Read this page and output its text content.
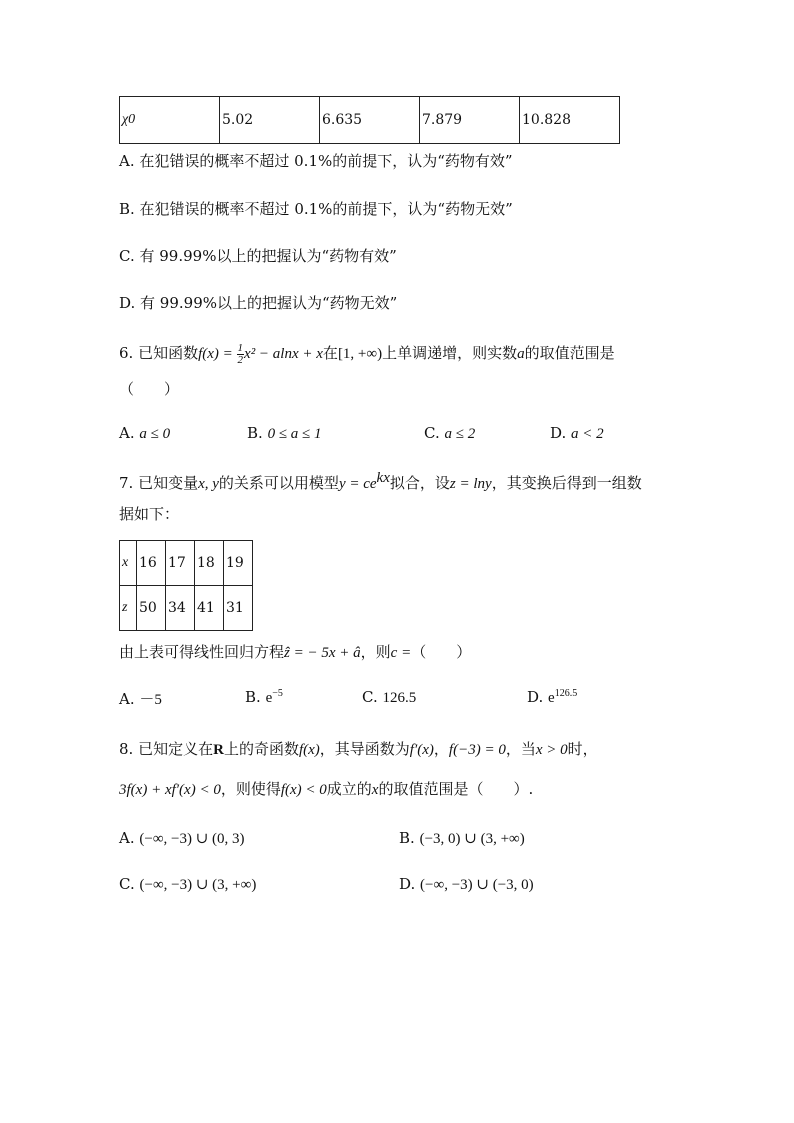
χ0	5.02	6.635	7.879	10.828
A. 在犯错误的概率不超过 0.1%的前提下，认为“药物有效”
B. 在犯错误的概率不超过 0.1%的前提下，认为“药物无效”
C. 有 99.99%以上的把握认为“药物有效”
D. 有 99.99%以上的把握认为“药物无效”
6. 已知函数$f(x) = \frac{1}{2} x^2 - alnx + x$在[1, +∞)上单调递增，则实数a的取值范围是
（　　）
A. a ≤ 0	B. 0 ≤ a ≤ 1	C. a ≤ 2	D. a < 2
7. 已知变量x, y的关系可以用模型$y = ce^{kx}$拟合，设z = lny，其变换后得到一组数
据如下：
x	16	17	18	19
z	50	34	41	31
由上表可得线性回归方程ẑ = − 5x + â，则c =（　　）
A. －5	B. $e^{-5}$	C. 126.5	D. $e^{126.5}$
8. 已知定义在R上的奇函数f(x)，其导函数为f′(x)，f(−3) = 0，当x > 0时，
3f(x) + xf′(x) < 0，则使得f(x) < 0成立的x的取值范围是（　　）.
A. (−∞, −3) ∪ (0, 3)	B. (−3, 0) ∪ (3, +∞)
C. (−∞, −3) ∪ (3, +∞)	D. (−∞, −3) ∪ (−3, 0)
